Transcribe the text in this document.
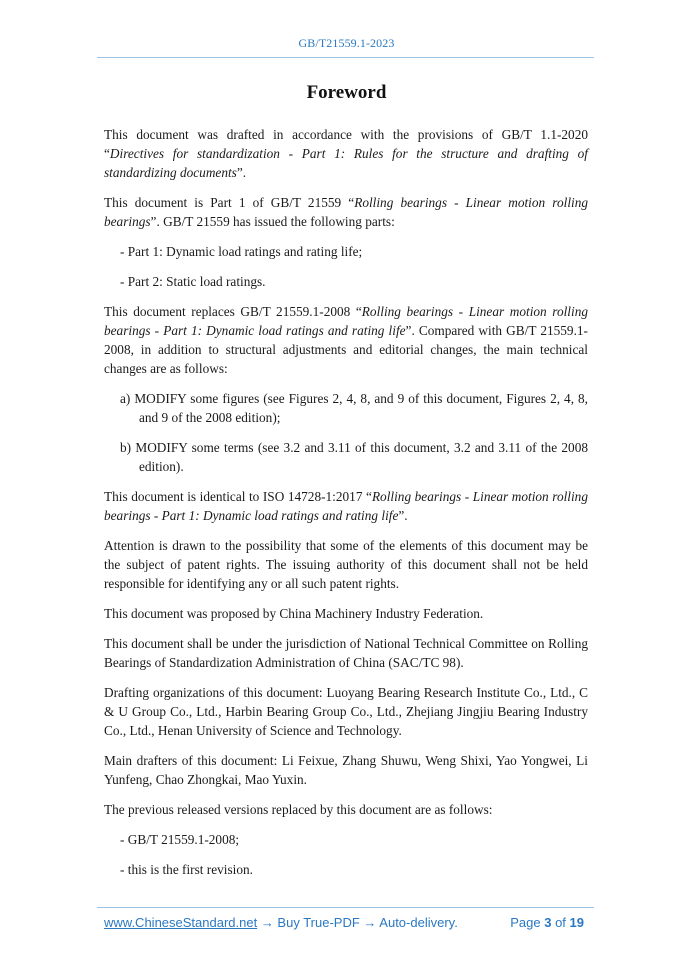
GB/T21559.1-2023
Foreword

This document was drafted in accordance with the provisions of GB/T 1.1-2020 “Directives for standardization - Part 1: Rules for the structure and drafting of standardizing documents”.

This document is Part 1 of GB/T 21559 “Rolling bearings - Linear motion rolling bearings”. GB/T 21559 has issued the following parts:

- Part 1: Dynamic load ratings and rating life;

- Part 2: Static load ratings.

This document replaces GB/T 21559.1-2008 “Rolling bearings - Linear motion rolling bearings - Part 1: Dynamic load ratings and rating life”. Compared with GB/T 21559.1-2008, in addition to structural adjustments and editorial changes, the main technical changes are as follows:

a) MODIFY some figures (see Figures 2, 4, 8, and 9 of this document, Figures 2, 4, 8, and 9 of the 2008 edition);

b) MODIFY some terms (see 3.2 and 3.11 of this document, 3.2 and 3.11 of the 2008 edition).

This document is identical to ISO 14728-1:2017 “Rolling bearings - Linear motion rolling bearings - Part 1: Dynamic load ratings and rating life”.

Attention is drawn to the possibility that some of the elements of this document may be the subject of patent rights. The issuing authority of this document shall not be held responsible for identifying any or all such patent rights.

This document was proposed by China Machinery Industry Federation.

This document shall be under the jurisdiction of National Technical Committee on Rolling Bearings of Standardization Administration of China (SAC/TC 98).

Drafting organizations of this document: Luoyang Bearing Research Institute Co., Ltd., C & U Group Co., Ltd., Harbin Bearing Group Co., Ltd., Zhejiang Jingjiu Bearing Industry Co., Ltd., Henan University of Science and Technology.

Main drafters of this document: Li Feixue, Zhang Shuwu, Weng Shixi, Yao Yongwei, Li Yunfeng, Chao Zhongkai, Mao Yuxin.

The previous released versions replaced by this document are as follows:

- GB/T 21559.1-2008;

- this is the first revision.

www.ChineseStandard.net → Buy True-PDF → Auto-delivery.	Page 3 of 19
